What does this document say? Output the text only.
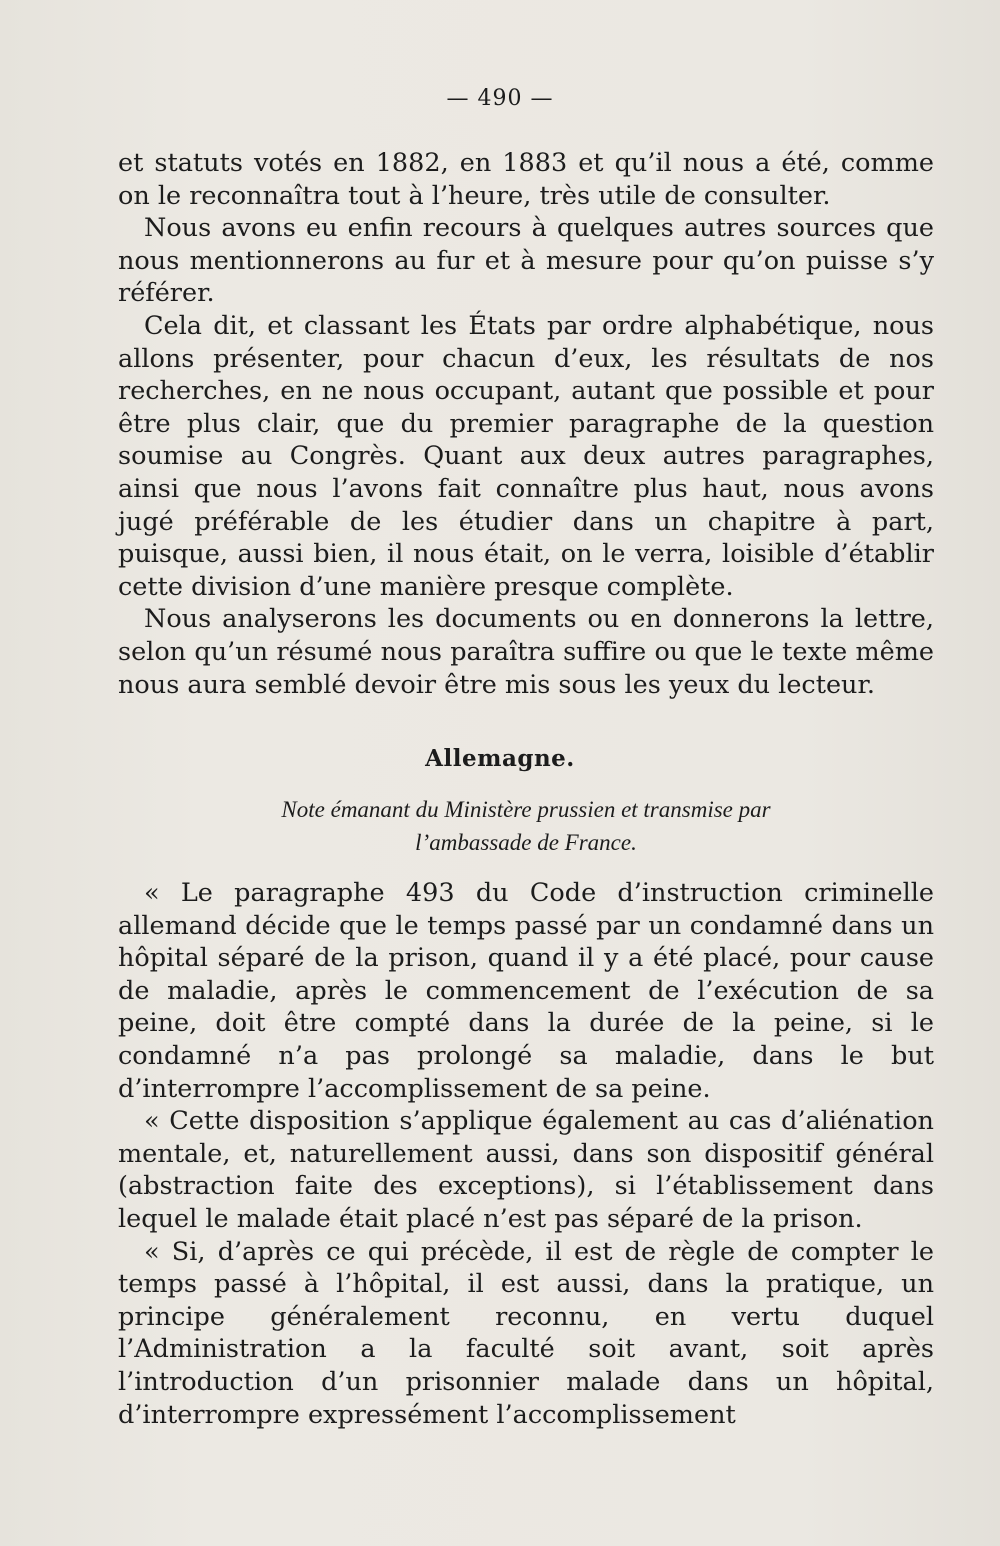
— 490 —

et statuts votés en 1882, en 1883 et qu’il nous a été, comme on le reconnaîtra tout à l’heure, très utile de consulter.

Nous avons eu enfin recours à quelques autres sources que nous mentionnerons au fur et à mesure pour qu’on puisse s’y référer.

Cela dit, et classant les États par ordre alphabétique, nous allons présenter, pour chacun d’eux, les résultats de nos recherches, en ne nous occupant, autant que possible et pour être plus clair, que du premier paragraphe de la question soumise au Congrès. Quant aux deux autres paragraphes, ainsi que nous l’avons fait connaître plus haut, nous avons jugé préférable de les étudier dans un chapitre à part, puisque, aussi bien, il nous était, on le verra, loisible d’établir cette division d’une manière presque complète.

Nous analyserons les documents ou en donnerons la lettre, selon qu’un résumé nous paraîtra suffire ou que le texte même nous aura semblé devoir être mis sous les yeux du lecteur.

Allemagne.
Note émanant du Ministère prussien et transmise par
l’ambassade de France.

« Le paragraphe 493 du Code d’instruction criminelle allemand décide que le temps passé par un condamné dans un hôpital séparé de la prison, quand il y a été placé, pour cause de maladie, après le commencement de l’exécution de sa peine, doit être compté dans la durée de la peine, si le condamné n’a pas prolongé sa maladie, dans le but d’interrompre l’accomplissement de sa peine.

« Cette disposition s’applique également au cas d’aliénation mentale, et, naturellement aussi, dans son dispositif général (abstraction faite des exceptions), si l’établissement dans lequel le malade était placé n’est pas séparé de la prison.

« Si, d’après ce qui précède, il est de règle de compter le temps passé à l’hôpital, il est aussi, dans la pratique, un principe généralement reconnu, en vertu duquel l’Administration a la faculté soit avant, soit après l’introduction d’un prisonnier malade dans un hôpital, d’interrompre expressément l’accomplissement
